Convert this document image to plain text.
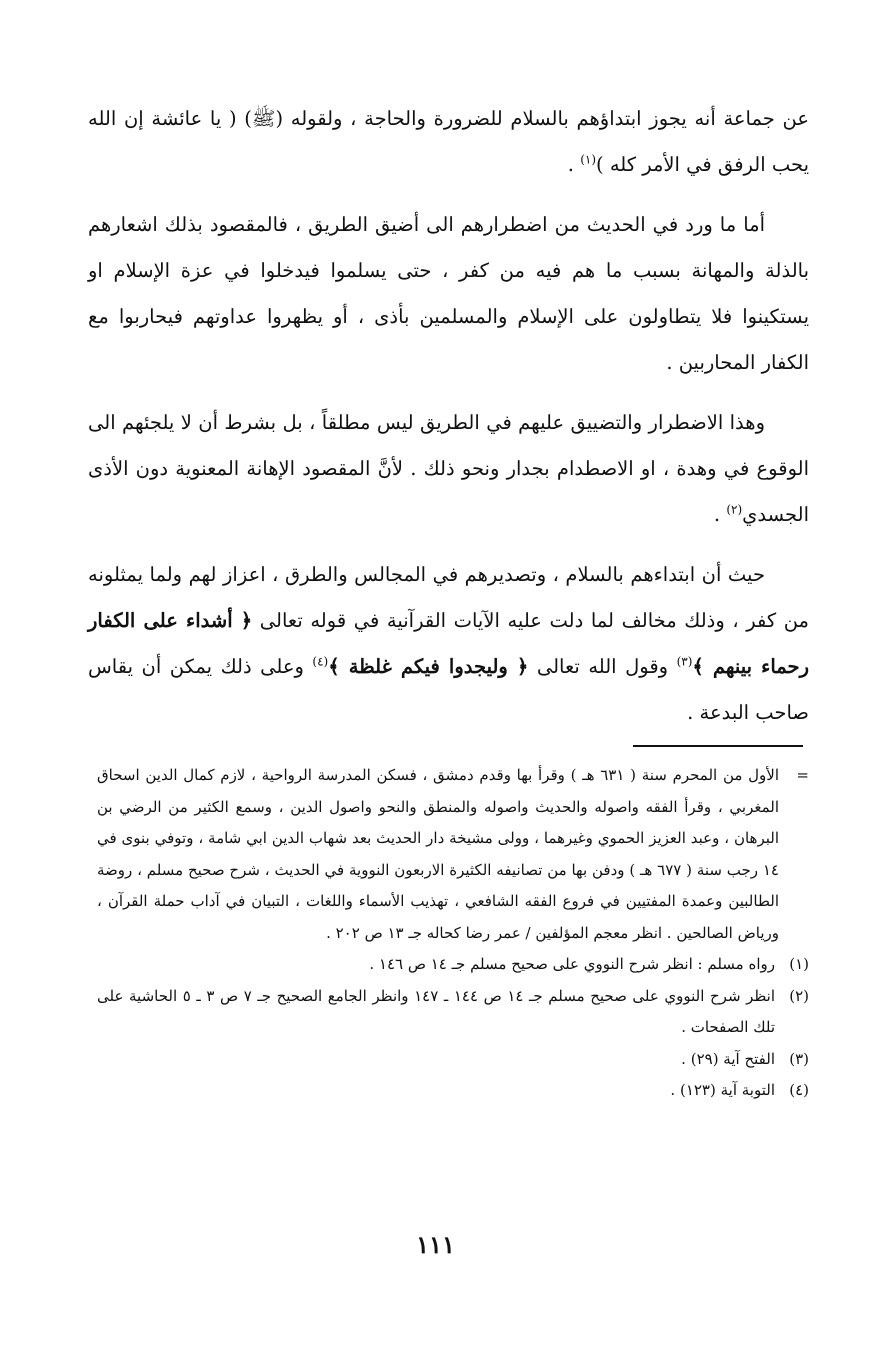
عن جماعة أنه يجوز ابتداؤهم بالسلام للضرورة والحاجة ، ولقوله (ﷺ) ( يا عائشة إن الله يحب الرفق في الأمر كله )$^{(١)}$ .

أما ما ورد في الحديث من اضطرارهم الى أضيق الطريق ، فالمقصود بذلك اشعارهم بالذلة والمهانة بسبب ما هم فيه من كفر ، حتى يسلموا فيدخلوا في عزة الإسلام او يستكينوا فلا يتطاولون على الإسلام والمسلمين بأذى ، أو يظهروا عداوتهم فيحاربوا مع الكفار المحاربين .

وهذا الاضطرار والتضييق عليهم في الطريق ليس مطلقاً ، بل بشرط أن لا يلجئهم الى الوقوع في وهدة ، او الاصطدام بجدار ونحو ذلك . لأنَّ المقصود الإهانة المعنوية دون الأذى الجسدي$^{(٢)}$ .

حيث أن ابتداءهم بالسلام ، وتصديرهم في المجالس والطرق ، اعزاز لهم ولما يمثلونه من كفر ، وذلك مخالف لما دلت عليه الآيات القرآنية في قوله تعالى ﴿ أشداء على الكفار رحماء بينهم ﴾$^{(٣)}$ وقول الله تعالى ﴿ وليجدوا فيكم غلظة ﴾$^{(٤)}$ وعلى ذلك يمكن أن يقاس صاحب البدعة .

=
الأول من المحرم سنة ( ٦٣١ هـ ) وقرأ بها وقدم دمشق ، فسكن المدرسة الرواحية ، لازم كمال الدين اسحاق المغربي ، وقرأ الفقه واصوله والحديث واصوله والمنطق والنحو واصول الدين ، وسمع الكثير من الرضي بن البرهان ، وعبد العزيز الحموي وغيرهما ، وولى مشيخة دار الحديث بعد شهاب الدين ابي شامة ، وتوفي بنوى في ١٤ رجب سنة ( ٦٧٧ هـ ) ودفن بها من تصانيفه الكثيرة الاربعون النووية في الحديث ، شرح صحيح مسلم ، روضة الطالبين وعمدة المفتيين في فروع الفقه الشافعي ، تهذيب الأسماء واللغات ، التبيان في آداب حملة القرآن ، ورياض الصالحين . انظر معجم المؤلفين / عمر رضا كحاله جـ ١٣ ص ٢٠٢ .
(١)
رواه مسلم : انظر شرح النووي على صحيح مسلم جـ ١٤ ص ١٤٦ .
(٢)
انظر شرح النووي على صحيح مسلم جـ ١٤ ص ١٤٤ ـ ١٤٧ وانظر الجامع الصحيح جـ ٧ ص ٣ ـ ٥ الحاشية على تلك الصفحات .
(٣)
الفتح آية (٢٩) .
(٤)
التوبة آية (١٢٣) .
١١١
